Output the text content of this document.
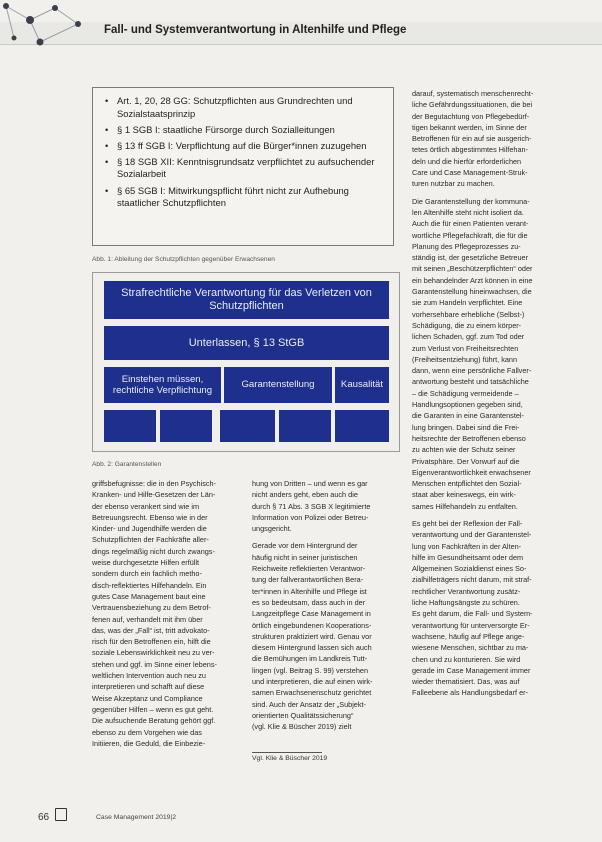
Fall- und Systemverantwortung in Altenhilfe und Pflege
• Art. 1, 20, 28 GG: Schutzpflichten aus Grundrechten und Sozialstaatsprinzip
• § 1 SGB I: staatliche Fürsorge durch Sozialleitungen
• § 13 ff SGB I: Verpflichtung auf die Bürger*innen zuzugehen
• § 18 SGB XII: Kenntnisgrundsatz verpflichtet zu aufsuchender Sozialarbeit
• § 65 SGB I: Mitwirkungspflicht führt nicht zur Aufhebung staatlicher Schutzpflichten
Abb. 1: Ableitung der Schutzpflichten gegenüber Erwachsenen
Strafrechtliche Verantwortung für das Verletzen von Schutzpflichten
Unterlassen, § 13 StGB
Einstehen müssen, rechtliche Verpflichtung
Garantenstellung	Kausalität
Abb. 2: Garantenstellen

griffsbefugnisse: die in den Psychisch-

Kranken- und Hilfe-Gesetzen der Län-

der ebenso verankert sind wie im

Betreuungsrecht. Ebenso wie in der

Kinder- und Jugendhilfe werden die

Schutzpflichten der Fachkräfte aller-

dings regelmäßig nicht durch zwangs-

weise durchgesetzte Hilfen erfüllt

sondern durch ein fachlich metho-

disch-reflektiertes Hilfehandeln. Ein

gutes Case Management baut eine

Vertrauensbeziehung zu dem Betrof-

fenen auf, verhandelt mit ihm über

das, was der „Fall“ ist, tritt advokato-

risch für den Betroffenen ein, hilft die

soziale Lebenswirklichkeit neu zu ver-

stehen und ggf. im Sinne einer lebens-

weltlichen Intervention auch neu zu

interpretieren und schafft auf diese

Weise Akzeptanz und Compliance

gegenüber Hilfen – wenn es gut geht.

Die aufsuchende Beratung gehört ggf.

ebenso zu dem Vorgehen wie das

Initiieren, die Geduld, die Einbezie-

hung von Dritten – und wenn es gar

nicht anders geht, eben auch die

durch § 71 Abs. 3 SGB X legitimierte

Information von Polizei oder Betreu-

ungsgericht.

Gerade vor dem Hintergrund der

häufig nicht in seiner juristischen

Reichweite reflektierten Verantwor-

tung der fallverantwortlichen Bera-

ter*innen in Altenhilfe und Pflege ist

es so bedeutsam, dass auch in der

Langzeitpflege Case Management in

örtlich eingebundenen Kooperations-

strukturen praktiziert wird. Genau vor

diesem Hintergrund lassen sich auch

die Bemühungen im Landkreis Tutt-

lingen (vgl. Beitrag S. 99) verstehen

und interpretieren, die auf einen wirk-

samen Erwachsenenschutz gerichtet

sind. Auch der Ansatz der „Subjekt-

orientierten Qualitätssicherung“

(vgl. Klie & Büscher 2019) zielt

darauf, systematisch menschenrecht-

liche Gefährdungssituationen, die bei

der Begutachtung von Pflegebedürf-

tigen bekannt werden, im Sinne der

Betroffenen für ein auf sie ausgerich-

tetes örtlich abgestimmtes Hilfehan-

deln und die hierfür erforderlichen

Care und Case Management-Struk-

turen nutzbar zu machen.

Die Garantenstellung der kommuna-

len Altenhilfe steht nicht isoliert da.

Auch die für einen Patienten verant-

wortliche Pflegefachkraft, die für die

Planung des Pflegeprozesses zu-

ständig ist, der gesetzliche Betreuer

mit seinen „Beschützerpflichten“ oder

ein behandelnder Arzt können in eine

Garantenstellung hineinwachsen, die

sie zum Handeln verpflichtet. Eine

vorhersehbare erhebliche (Selbst-)

Schädigung, die zu einem körper-

lichen Schaden, ggf. zum Tod oder

zum Verlust von Freiheitsrechten

(Freiheitsentziehung) führt, kann

dann, wenn eine persönliche Fallver-

antwortung besteht und tatsächliche

– die Schädigung vermeidende –

Handlungsoptionen gegeben sind,

die Garanten in eine Garantenstel-

lung bringen. Dabei sind die Frei-

heitsrechte der Betroffenen ebenso

zu achten wie der Schutz seiner

Privatsphäre. Der Vorwurf auf die

Eigenverantwortlichkeit erwachsener

Menschen entpflichtet den Sozial-

staat aber keineswegs, ein wirk-

sames Hilfehandeln zu entfalten.

Es geht bei der Reflexion der Fall-

verantwortung und der Garantenstel-

lung von Fachkräften in der Alten-

hilfe im Gesundheitsamt oder dem

Allgemeinen Sozialdienst eines So-

zialhilfeträgers nicht darum, mit straf-

rechtlicher Verantwortung zusätz-

liche Haftungsängste zu schüren.

Es geht darum, die Fall- und System-

verantwortung für unterversorgte Er-

wachsene, häufig auf Pflege ange-

wiesene Menschen, sichtbar zu ma-

chen und zu konturieren. Sie wird

gerade im Case Management immer

wieder thematisiert. Das, was auf

Falleebene als Handlungsbedarf er-

Vgl. Klie & Büscher 2019
66	Case Management 2019|2
